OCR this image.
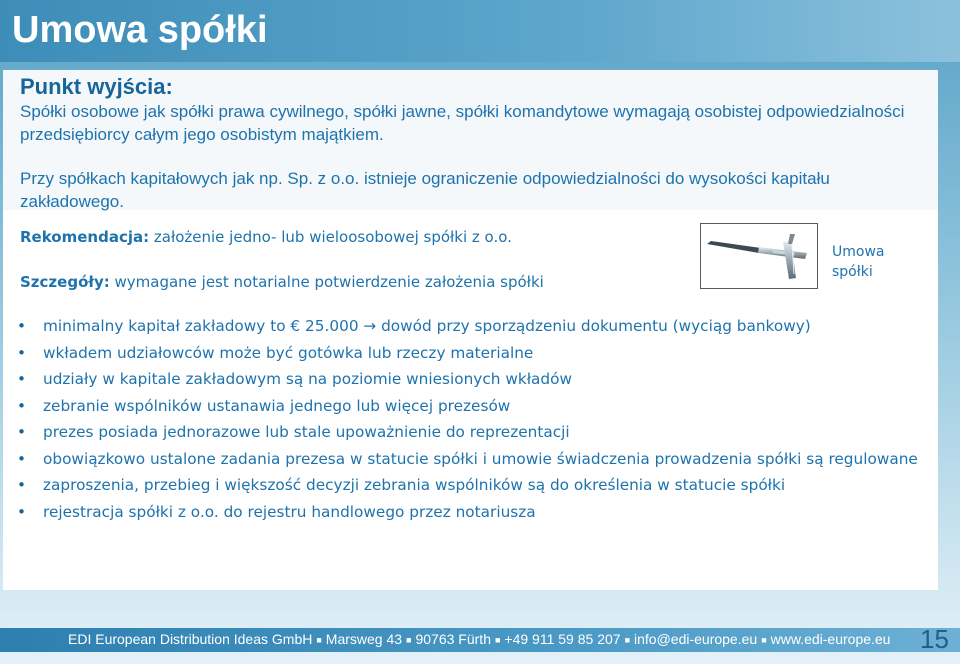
Umowa spółki
Punkt wyjścia:
Spółki osobowe jak spółki prawa cywilnego, spółki jawne, spółki komandytowe wymagają osobistej odpowiedzialności przedsiębiorcy całym jego osobistym majątkiem.
Przy spółkach kapitałowych jak np. Sp. z o.o. istnieje ograniczenie odpowiedzialności do wysokości kapitału zakładowego.
Rekomendacja: założenie jedno- lub wieloosobowej spółki z o.o.
Szczegóły: wymagane jest notarialne potwierdzenie założenia spółki
Umowa
spółki
• minimalny kapitał zakładowy to € 25.000 → dowód przy sporządzeniu dokumentu (wyciąg bankowy)
• wkładem udziałowców może być gotówka lub rzeczy materialne
• udziały w kapitale zakładowym są na poziomie wniesionych wkładów
• zebranie wspólników ustanawia jednego lub więcej prezesów
• prezes posiada jednorazowe lub stale upoważnienie do reprezentacji
• obowiązkowo ustalone zadania prezesa w statucie spółki i umowie świadczenia prowadzenia spółki są regulowane
• zaproszenia, przebieg i większość decyzji zebrania wspólników są do określenia w statucie spółki
• rejestracja spółki z o.o. do rejestru handlowego przez notariusza
EDI European Distribution Ideas GmbH ■ Marsweg 43 ■ 90763 Fürth ■ +49 911 59 85 207 ■ info@edi-europe.eu ■ www.edi-europe.eu 15
